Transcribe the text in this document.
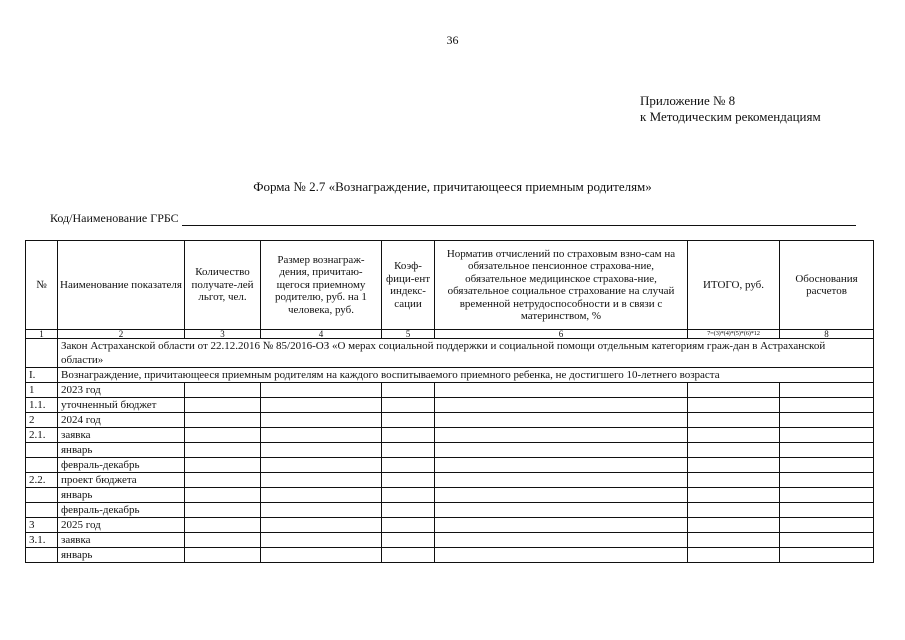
36
Приложение № 8
к Методическим рекомендациям
Форма № 2.7 «Вознаграждение, причитающееся приемным родителям»
Код/Наименование ГРБС
№	Наименование показателя	Количество получате-лей льгот, чел.	Размер вознаграж-дения, причитаю-щегося приемному родителю, руб. на 1 человека, руб.	Коэф-фици-ент индекс-сации	Норматив отчислений по страховым взно-сам на обязательное пенсионное страхова-ние, обязательное медицинское страхова-ние, обязательное социальное страхование на случай временной нетрудоспособности и в связи с материнством, %	ИТОГО, руб.	Обоснования расчетов
1	2	3	4	5	6	7=(3)*(4)*(5)*(6)*12	8
	Закон Астраханской области от 22.12.2016 № 85/2016-ОЗ «О мерах социальной поддержки и социальной помощи отдельным категориям граж-дан в Астраханской области»						
I.	Вознаграждение, причитающееся приемным родителям на каждого воспитываемого приемного ребенка, не достигшего 10-летнего возраста						
1	2023 год						
1.1.	уточненный бюджет						
2	2024 год						
2.1.	заявка						
	январь						
	февраль-декабрь						
2.2.	проект бюджета						
	январь						
	февраль-декабрь						
3	2025 год						
3.1.	заявка						
	январь						
